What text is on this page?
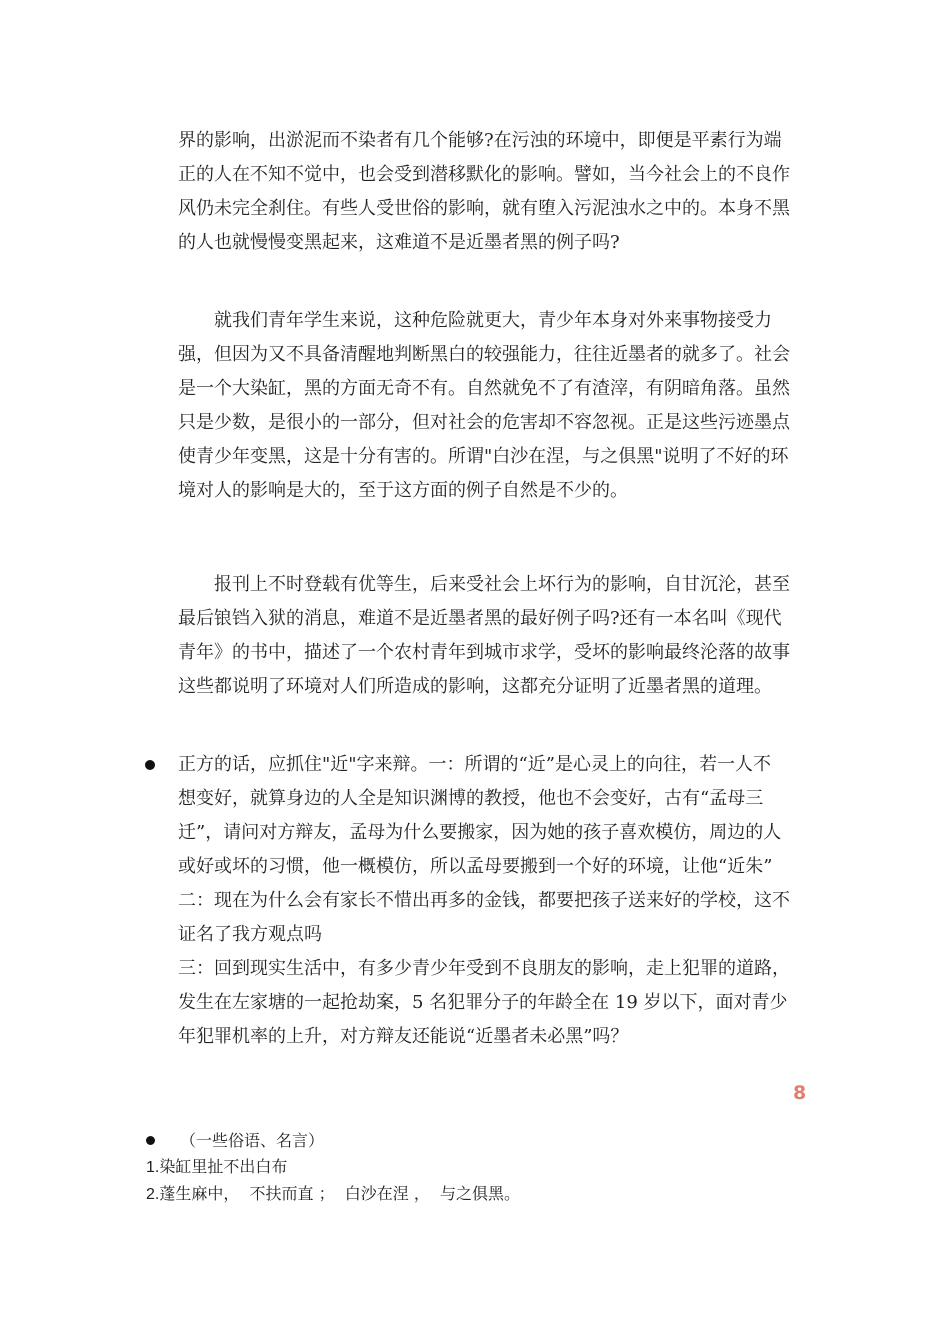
界的影响，出淤泥而不染者有几个能够?在污浊的环境中，即便是平素行为端
正的人在不知不觉中，也会受到潜移默化的影响。譬如，当今社会上的不良作
风仍未完全刹住。有些人受世俗的影响，就有堕入污泥浊水之中的。本身不黑
的人也就慢慢变黑起来，这难道不是近墨者黑的例子吗?
　　就我们青年学生来说，这种危险就更大，青少年本身对外来事物接受力
强，但因为又不具备清醒地判断黑白的较强能力，往往近墨者的就多了。社会
是一个大染缸，黑的方面无奇不有。自然就免不了有渣滓，有阴暗角落。虽然
只是少数，是很小的一部分，但对社会的危害却不容忽视。正是这些污迹墨点
使青少年变黑，这是十分有害的。所谓"白沙在涅，与之俱黑"说明了不好的环
境对人的影响是大的，至于这方面的例子自然是不少的。
　　报刊上不时登载有优等生，后来受社会上坏行为的影响，自甘沉沦，甚至
最后锒铛入狱的消息，难道不是近墨者黑的最好例子吗?还有一本名叫《现代
青年》的书中，描述了一个农村青年到城市求学，受坏的影响最终沦落的故事
这些都说明了环境对人们所造成的影响，这都充分证明了近墨者黑的道理。
正方的话，应抓住"近"字来辩。一：所谓的“近”是心灵上的向往，若一人不
想变好，就算身边的人全是知识渊博的教授，他也不会变好，古有“孟母三
迁”，请问对方辩友，孟母为什么要搬家，因为她的孩子喜欢模仿，周边的人
或好或坏的习惯，他一概模仿，所以孟母要搬到一个好的环境，让他“近朱”
二：现在为什么会有家长不惜出再多的金钱，都要把孩子送来好的学校，这不
证名了我方观点吗
三：回到现实生活中，有多少青少年受到不良朋友的影响，走上犯罪的道路，
发生在左家塘的一起抢劫案，5 名犯罪分子的年龄全在 19 岁以下，面对青少
年犯罪机率的上升，对方辩友还能说“近墨者未必黑”吗？
8
（一些俗语、名言）
1.染缸里扯不出白布
2.蓬生麻中，  不扶而直 ；  白沙在涅 ，  与之俱黑。
